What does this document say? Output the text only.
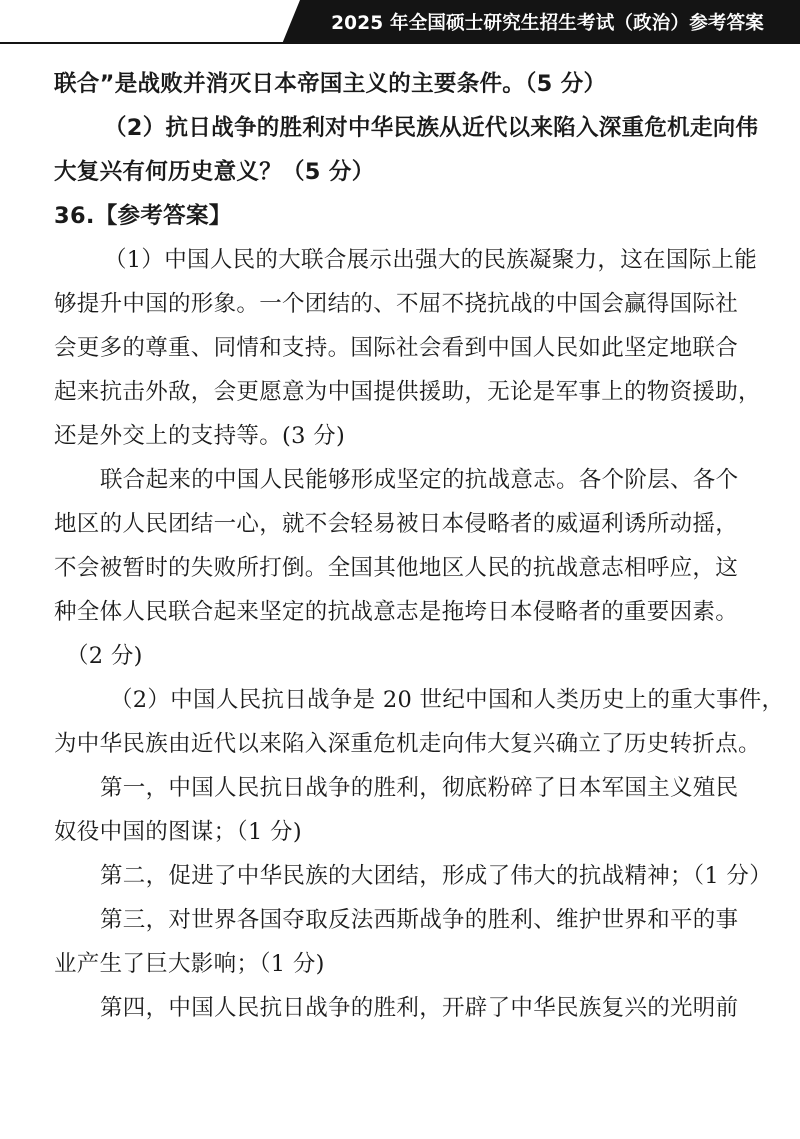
2025 年全国硕士研究生招生考试（政治）参考答案
联合”是战败并消灭日本帝国主义的主要条件。（5 分）
（2）抗日战争的胜利对中华民族从近代以来陷入深重危机走向伟
大复兴有何历史意义？（5 分）
36.【参考答案】
（1）中国人民的大联合展示出强大的民族凝聚力，这在国际上能
够提升中国的形象。一个团结的、不屈不挠抗战的中国会赢得国际社
会更多的尊重、同情和支持。国际社会看到中国人民如此坚定地联合
起来抗击外敌，会更愿意为中国提供援助，无论是军事上的物资援助，
还是外交上的支持等。(3 分)
联合起来的中国人民能够形成坚定的抗战意志。各个阶层、各个
地区的人民团结一心，就不会轻易被日本侵略者的威逼利诱所动摇，
不会被暂时的失败所打倒。全国其他地区人民的抗战意志相呼应，这
种全体人民联合起来坚定的抗战意志是拖垮日本侵略者的重要因素。
（2 分)
（2）中国人民抗日战争是 20 世纪中国和人类历史上的重大事件，
为中华民族由近代以来陷入深重危机走向伟大复兴确立了历史转折点。
第一，中国人民抗日战争的胜利，彻底粉碎了日本军国主义殖民
奴役中国的图谋；（1 分)
第二，促进了中华民族的大团结，形成了伟大的抗战精神；（1 分）
第三，对世界各国夺取反法西斯战争的胜利、维护世界和平的事
业产生了巨大影响；（1 分)
第四，中国人民抗日战争的胜利，开辟了中华民族复兴的光明前
